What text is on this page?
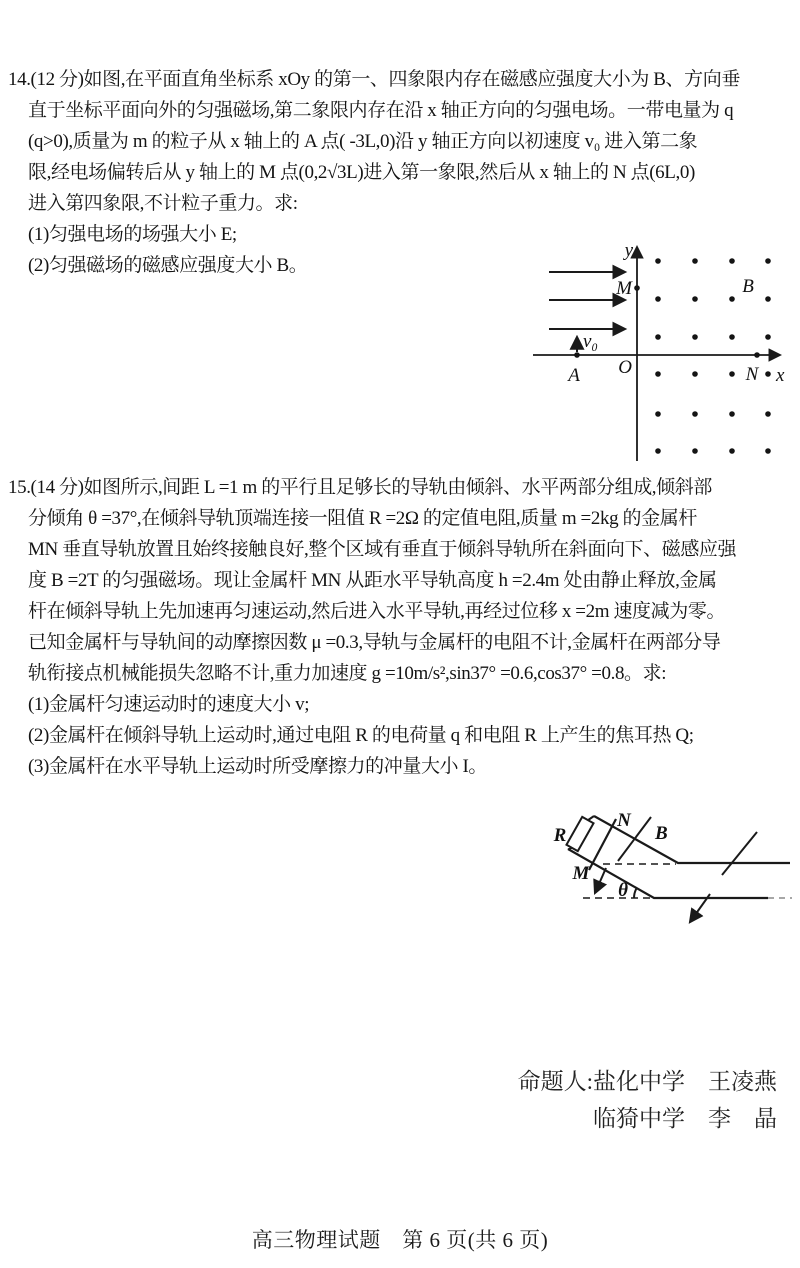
14.(12 分)如图,在平面直角坐标系 xOy 的第一、四象限内存在磁感应强度大小为 B、方向垂
直于坐标平面向外的匀强磁场,第二象限内存在沿 x 轴正方向的匀强电场。一带电量为 q
(q>0),质量为 m 的粒子从 x 轴上的 A 点( -3L,0)沿 y 轴正方向以初速度 v₀ 进入第二象
限,经电场偏转后从 y 轴上的 M 点(0,2√3L)进入第一象限,然后从 x 轴上的 N 点(6L,0)
进入第四象限,不计粒子重力。求:
(1)匀强电场的场强大小 E;
(2)匀强磁场的磁感应强度大小 B。
y
x
O
M
A	N
B
v₀
15.(14 分)如图所示,间距 L =1 m 的平行且足够长的导轨由倾斜、水平两部分组成,倾斜部
分倾角 θ =37°,在倾斜导轨顶端连接一阻值 R =2Ω 的定值电阻,质量 m =2kg 的金属杆
MN 垂直导轨放置且始终接触良好,整个区域有垂直于倾斜导轨所在斜面向下、磁感应强
度 B =2T 的匀强磁场。现让金属杆 MN 从距水平导轨高度 h =2.4m 处由静止释放,金属
杆在倾斜导轨上先加速再匀速运动,然后进入水平导轨,再经过位移 x =2m 速度减为零。
已知金属杆与导轨间的动摩擦因数 μ =0.3,导轨与金属杆的电阻不计,金属杆在两部分导
轨衔接点机械能损失忽略不计,重力加速度 g =10m/s²,sin37° =0.6,cos37° =0.8。求:
(1)金属杆匀速运动时的速度大小 v;
(2)金属杆在倾斜导轨上运动时,通过电阻 R 的电荷量 q 和电阻 R 上产生的焦耳热 Q;
(3)金属杆在水平导轨上运动时所受摩擦力的冲量大小 I。
R
N
M
B
θ
命题人:盐化中学　王凌燕
临猗中学　李　晶
高三物理试题　第 6 页(共 6 页)
